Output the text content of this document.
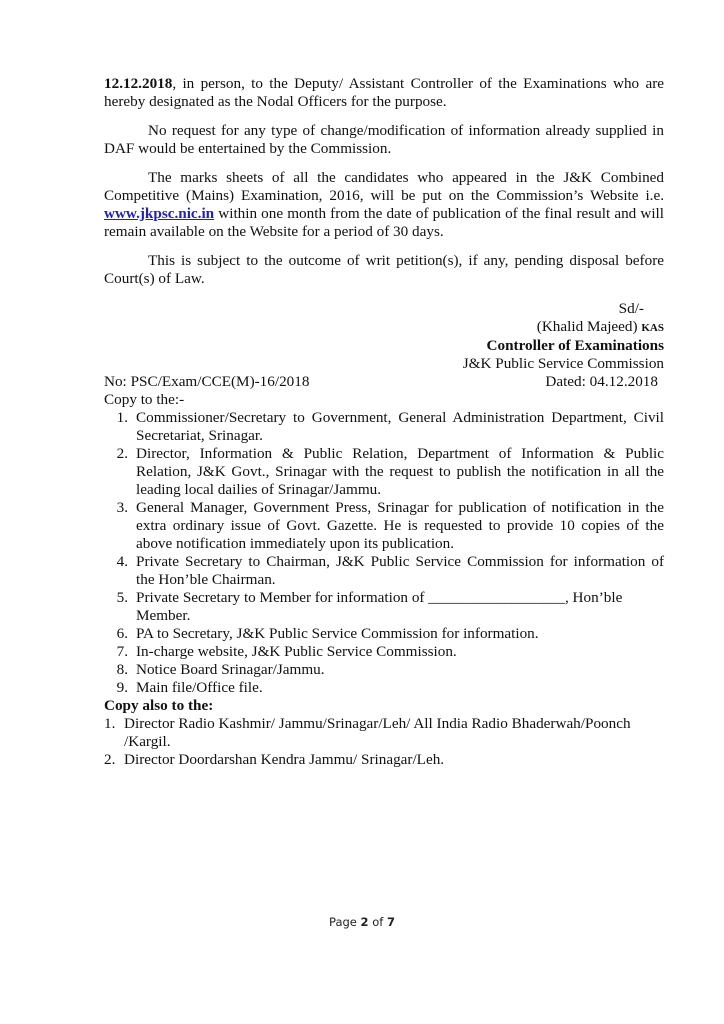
12.12.2018, in person, to the Deputy/ Assistant Controller of the Examinations who are hereby designated as the Nodal Officers for the purpose.

No request for any type of change/modification of information already supplied in DAF would be entertained by the Commission.

The marks sheets of all the candidates who appeared in the J&K Combined Competitive (Mains) Examination, 2016, will be put on the Commission’s Website i.e. www.jkpsc.nic.in within one month from the date of publication of the final result and will remain available on the Website for a period of 30 days.

This is subject to the outcome of writ petition(s), if any, pending disposal before Court(s) of Law.

Sd/-
(Khalid Majeed) KAS
Controller of Examinations
J&K Public Service Commission
No: PSC/Exam/CCE(M)-16/2018	Dated: 04.12.2018
Copy to the:-
1. Commissioner/Secretary to Government, General Administration Department, Civil Secretariat, Srinagar.
2. Director, Information & Public Relation, Department of Information & Public Relation, J&K Govt., Srinagar with the request to publish the notification in all the leading local dailies of Srinagar/Jammu.
3. General Manager, Government Press, Srinagar for publication of notification in the extra ordinary issue of Govt. Gazette. He is requested to provide 10 copies of the above notification immediately upon its publication.
4. Private Secretary to Chairman, J&K Public Service Commission for information of the Hon’ble Chairman.
5. Private Secretary to Member for information of __________________, Hon’ble Member.
6. PA to Secretary, J&K Public Service Commission for information.
7. In-charge website, J&K Public Service Commission.
8. Notice Board Srinagar/Jammu.
9. Main file/Office file.
Copy also to the:
1. Director Radio Kashmir/ Jammu/Srinagar/Leh/ All India Radio Bhaderwah/Poonch /Kargil.
2. Director Doordarshan Kendra Jammu/ Srinagar/Leh.
Page 2 of 7
